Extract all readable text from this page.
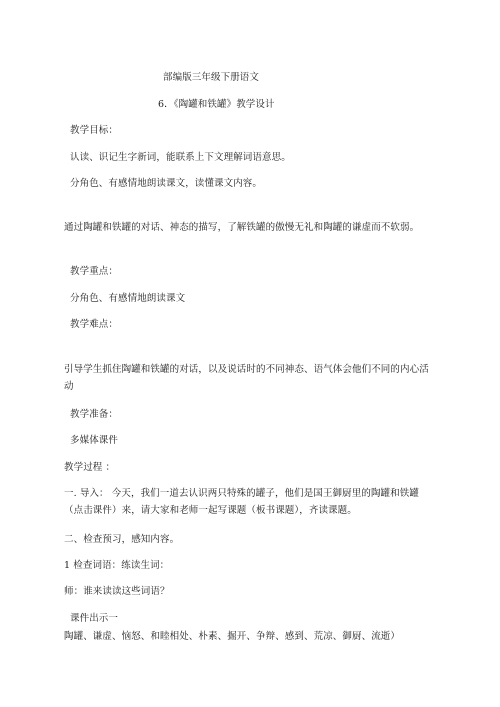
部编版三年级下册语文
6．《陶罐和铁罐》教学设计
教学目标：
认读、识记生字新词，能联系上下文理解词语意思。
分角色、有感情地朗读课文，读懂课文内容。
通过陶罐和铁罐的对话、神态的描写，了解铁罐的傲慢无礼和陶罐的谦虚而不软弱。
教学重点：
分角色、有感情地朗读课文
教学难点：
引导学生抓住陶罐和铁罐的对话，以及说话时的不同神态、语气体会他们不同的内心活动
教学准备：
多媒体课件
教学过程 ：
一. 导入： 今天，我们一道去认识两只特殊的罐子，他们是国王御厨里的陶罐和铁罐（点击课件）来，请大家和老师一起写课题（板书课题），齐读课题。
二、检查预习，感知内容。
1 检查词语：练读生词：
师：谁来读读这些词语？
课件出示一
陶罐、谦虚、恼怒、和睦相处、朴素、掘开、争辩、感到、荒凉、御厨、流逝）
